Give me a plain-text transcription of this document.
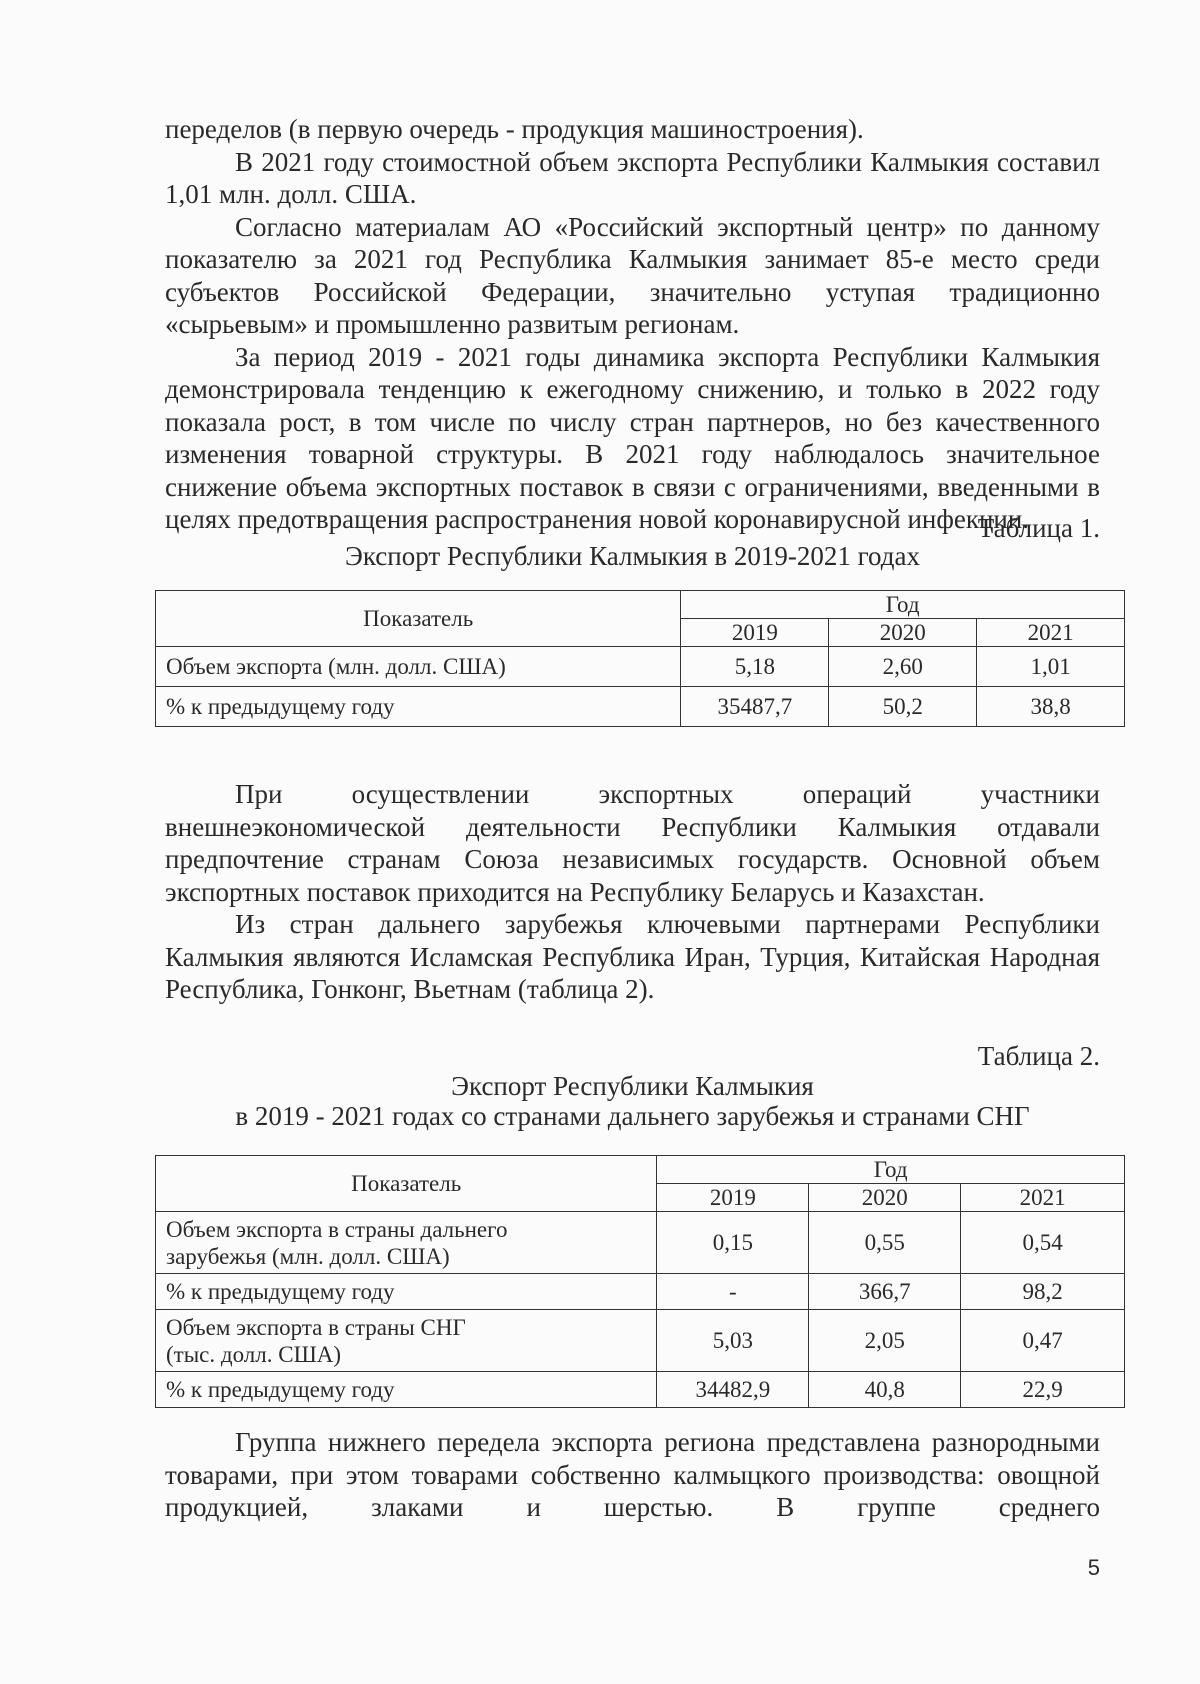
переделов (в первую очередь - продукция машиностроения).

В 2021 году стоимостной объем экспорта Республики Калмыкия составил 1,01 млн. долл. США.

Согласно материалам АО «Российский экспортный центр» по данному показателю за 2021 год Республика Калмыкия занимает 85-е место среди субъектов Российской Федерации, значительно уступая традиционно «сырьевым» и промышленно развитым регионам.

За период 2019 - 2021 годы динамика экспорта Республики Калмыкия демонстрировала тенденцию к ежегодному снижению, и только в 2022 году показала рост, в том числе по числу стран партнеров, но без качественного изменения товарной структуры. В 2021 году наблюдалось значительное снижение объема экспортных поставок в связи с ограничениями, введенными в целях предотвращения распространения новой коронавирусной инфекции.

Таблица 1.
Экспорт Республики Калмыкия в 2019-2021 годах
Показатель	Год		
	2019	2020	2021
Объем экспорта (млн. долл. США)	5,18	2,60	1,01
% к предыдущему году	35487,7	50,2	38,8

При осуществлении экспортных операций участники внешнеэкономической деятельности Республики Калмыкия отдавали предпочтение странам Союза независимых государств. Основной объем экспортных поставок приходится на Республику Беларусь и Казахстан.

Из стран дальнего зарубежья ключевыми партнерами Республики Калмыкия являются Исламская Республика Иран, Турция, Китайская Народная Республика, Гонконг, Вьетнам (таблица 2).

Таблица 2.
Экспорт Республики Калмыкия
в 2019 - 2021 годах со странами дальнего зарубежья и странами СНГ
Показатель	Год		
	2019	2020	2021

Объем экспорта в страны дальнего
зарубежья (млн. долл. США)	0,15	0,55	0,54
% к предыдущему году	-	366,7	98,2

Объем экспорта в страны СНГ
(тыс. долл. США)	5,03	2,05	0,47
% к предыдущему году	34482,9	40,8	22,9

Группа нижнего передела экспорта региона представлена разнородными товарами, при этом товарами собственно калмыцкого производства: овощной продукцией, злаками и шерстью. В группе среднего

5
